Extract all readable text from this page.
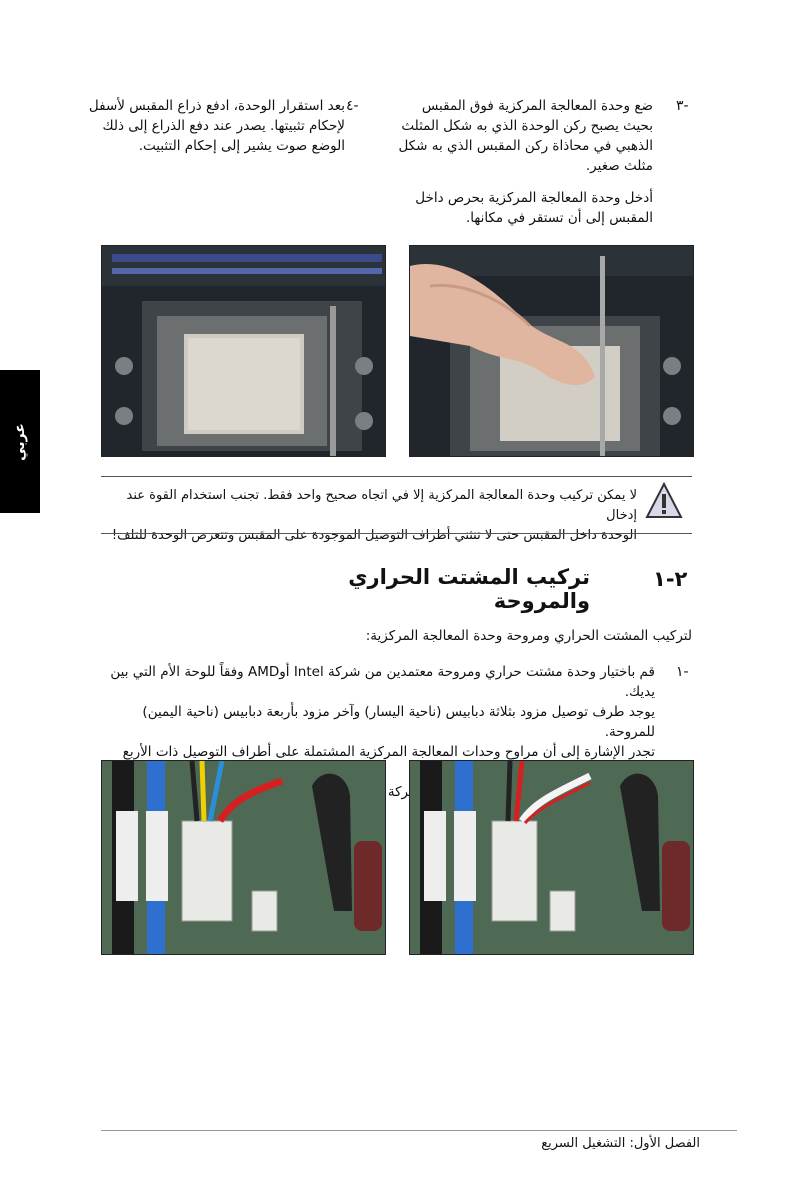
٣-
ضع وحدة المعالجة المركزية فوق المقبس
بحيث يصبح ركن الوحدة الذي به شكل المثلث
الذهبي في محاذاة ركن المقبس الذي به شكل
مثلث صغير.
أدخل وحدة المعالجة المركزية بحرص داخل
المقبس إلى أن تستقر في مكانها.
٤-
بعد استقرار الوحدة، ادفع ذراع المقبس لأسفل
لإحكام تثبيتها. يصدر عند دفع الذراع إلى ذلك
الوضع صوت يشير إلى إحكام التثبيت.
عربي
لا يمكن تركيب وحدة المعالجة المركزية إلا في اتجاه صحيح واحد فقط. تجنب استخدام القوة عند إدخال
الوحدة داخل المقبس حتى لا تنثني أطراف التوصيل الموجودة على المقبس وتتعرض الوحدة للتلف!
٢-١
تركيب المشتت الحراري والمروحة
لتركيب المشتت الحراري ومروحة وحدة المعالجة المركزية:
١-
قم باختيار وحدة مشتت حراري ومروحة معتمدين من شركة Intel أوAMD وفقاً للوحة الأم التي بين يديك.
يوجد طرف توصيل مزود بثلاثة دبابيس (ناحية اليسار) وآخر مزود بأربعة دبابيس (ناحية اليمين) للمروحة.
تجدر الإشارة إلى أن مراوح وحدات المعالجة المركزية المشتملة على أطراف التوصيل ذات الأربع
بشركة
الفصل الأول: التشغيل السريع
